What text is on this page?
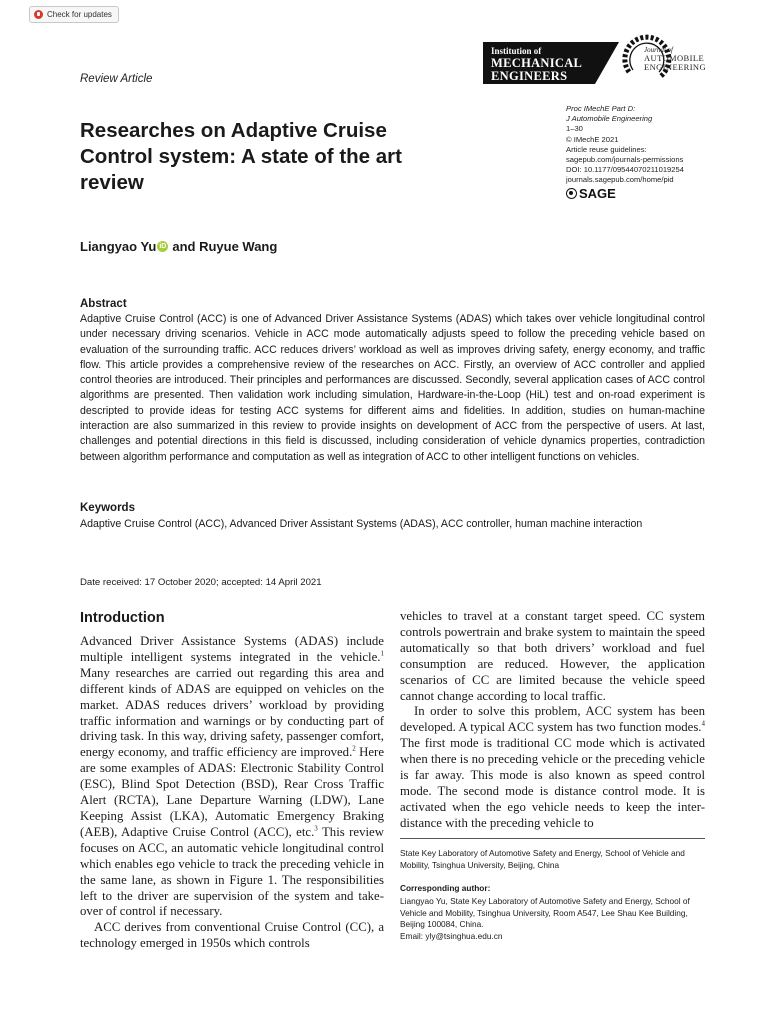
Check for updates
Review Article
Institution of
MECHANICAL
ENGINEERS
Journal of
AUTOMOBILE
ENGINEERING
Proc IMechE Part D:
J Automobile Engineering
1–30
© IMechE 2021
Article reuse guidelines:
sagepub.com/journals-permissions
DOI: 10.1177/09544070211019254
journals.sagepub.com/home/pid
SAGE
Researches on Adaptive Cruise Control system: A state of the art review
Liangyao Yu iD and Ruyue Wang
Abstract
Adaptive Cruise Control (ACC) is one of Advanced Driver Assistance Systems (ADAS) which takes over vehicle longitudinal control under necessary driving scenarios. Vehicle in ACC mode automatically adjusts speed to follow the preceding vehicle based on evaluation of the surrounding traffic. ACC reduces drivers’ workload as well as improves driving safety, energy economy, and traffic flow. This article provides a comprehensive review of the researches on ACC. Firstly, an overview of ACC controller and applied control theories are introduced. Their principles and performances are discussed. Secondly, several application cases of ACC control algorithms are presented. Then validation work including simulation, Hardware-in-the-Loop (HiL) test and on-road experiment is descripted to provide ideas for testing ACC systems for different aims and fidelities. In addition, studies on human-machine interaction are also summarized in this review to provide insights on development of ACC from the perspective of users. At last, challenges and potential directions in this field is discussed, including consideration of vehicle dynamics properties, contradiction between algorithm performance and computation as well as integration of ACC to other intelligent functions on vehicles.
Keywords
Adaptive Cruise Control (ACC), Advanced Driver Assistant Systems (ADAS), ACC controller, human machine interaction
Date received: 17 October 2020; accepted: 14 April 2021
Introduction

Advanced Driver Assistance Systems (ADAS) include multiple intelligent systems integrated in the vehicle.$^1$ Many researches are carried out regarding this area and different kinds of ADAS are equipped on vehicles on the market. ADAS reduces drivers’ workload by providing traffic information and warnings or by conducting part of driving task. In this way, driving safety, passenger comfort, energy economy, and traffic efficiency are improved.$^2$ Here are some examples of ADAS: Electronic Stability Control (ESC), Blind Spot Detection (BSD), Rear Cross Traffic Alert (RCTA), Lane Departure Warning (LDW), Lane Keeping Assist (LKA), Automatic Emergency Braking (AEB), Adaptive Cruise Control (ACC), etc.$^3$ This review focuses on ACC, an automatic vehicle longitudinal control which enables ego vehicle to track the preceding vehicle in the same lane, as shown in Figure 1. The responsibilities left to the driver are supervision of the system and take-over of control if necessary.

ACC derives from conventional Cruise Control (CC), a technology emerged in 1950s which controls

vehicles to travel at a constant target speed. CC system controls powertrain and brake system to maintain the speed automatically so that both drivers’ workload and fuel consumption are reduced. However, the application scenarios of CC are limited because the vehicle speed cannot change according to local traffic.

In order to solve this problem, ACC system has been developed. A typical ACC system has two function modes.$^4$ The first mode is traditional CC mode which is activated when there is no preceding vehicle or the preceding vehicle is far away. This mode is also known as speed control mode. The second mode is distance control mode. It is activated when the ego vehicle needs to keep the inter-distance with the preceding vehicle to

State Key Laboratory of Automotive Safety and Energy, School of Vehicle and Mobility, Tsinghua University, Beijing, China
Corresponding author:
Liangyao Yu, State Key Laboratory of Automotive Safety and Energy, School of Vehicle and Mobility, Tsinghua University, Room A547, Lee Shau Kee Building, Beijing 100084, China.
Email: yly@tsinghua.edu.cn
